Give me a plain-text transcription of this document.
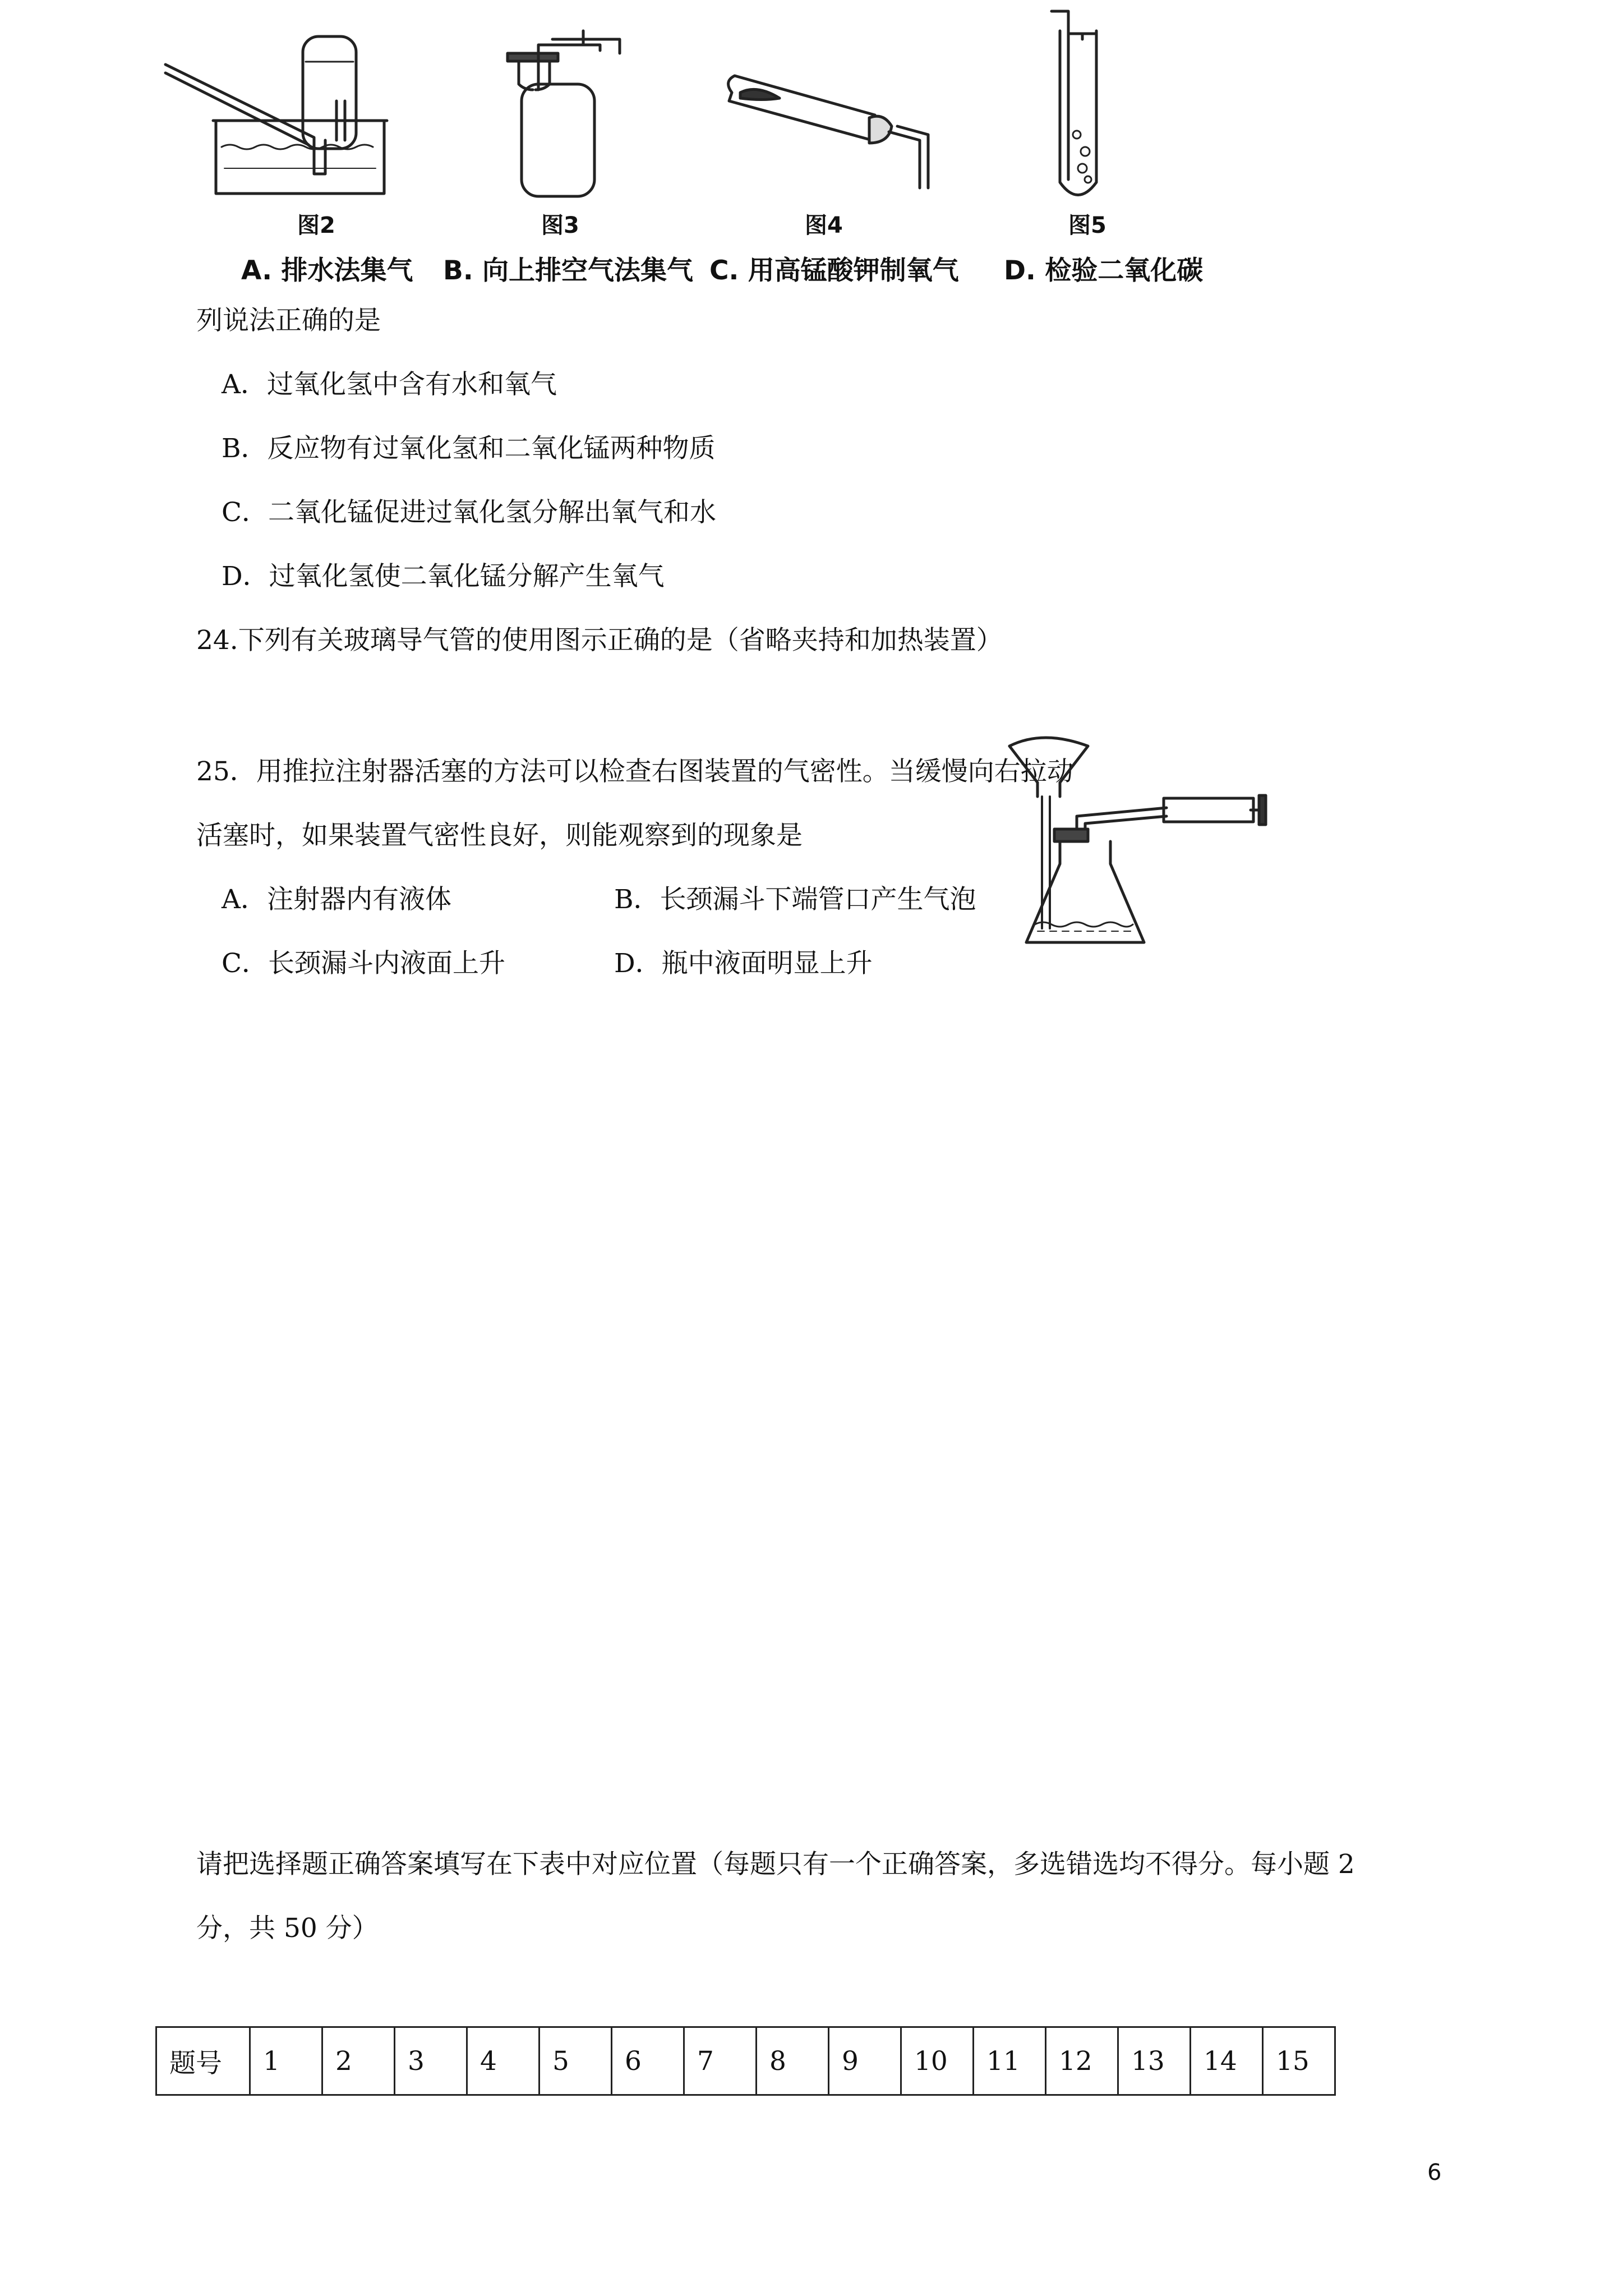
图2	图3	图4	图5
A. 排水法集气 B. 向上排空气法集气 C. 用高锰酸钾制氧气 D. 检验二氧化碳
列说法正确的是
A．过氧化氢中含有水和氧气
B．反应物有过氧化氢和二氧化锰两种物质
C．二氧化锰促进过氧化氢分解出氧气和水
D．过氧化氢使二氧化锰分解产生氧气
24.下列有关玻璃导气管的使用图示正确的是（省略夹持和加热装置）
25．用推拉注射器活塞的方法可以检查右图装置的气密性。当缓慢向右拉动
活塞时，如果装置气密性良好，则能观察到的现象是
A．注射器内有液体	B．长颈漏斗下端管口产生气泡
C．长颈漏斗内液面上升	D．瓶中液面明显上升
请把选择题正确答案填写在下表中对应位置（每题只有一个正确答案，多选错选均不得分。每小题 2
分，共 50 分）
题号	1	2	3	4	5	6	7	8	9	10	11	12	13	14	15
6
